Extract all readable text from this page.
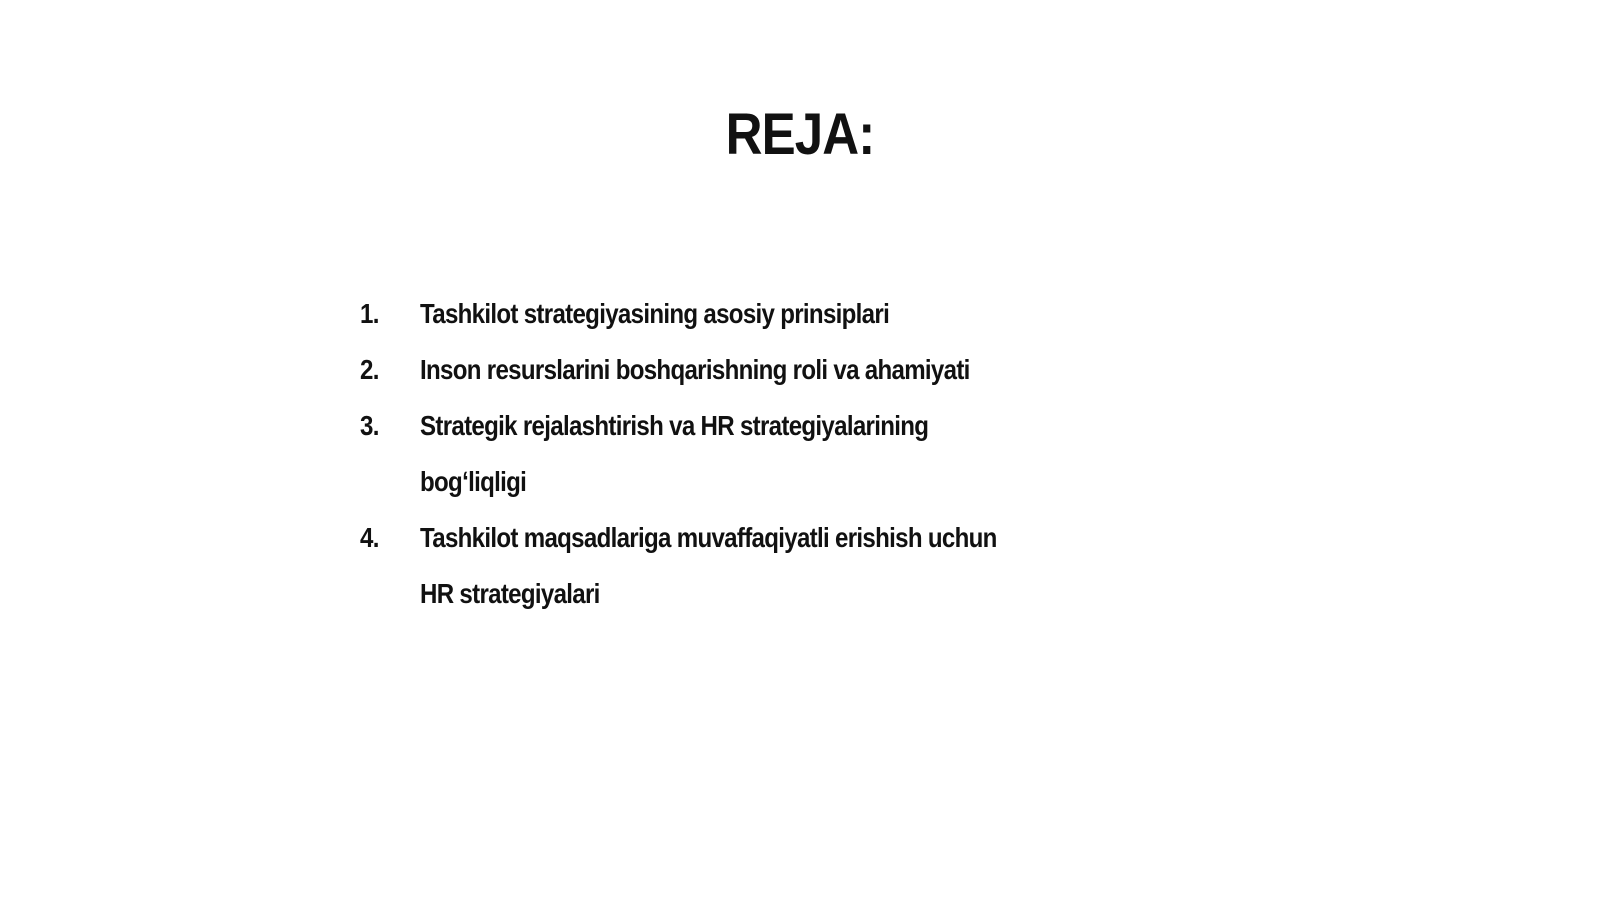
REJA:
1.	Tashkilot strategiyasining asosiy prinsiplari
2.	Inson resurslarini boshqarishning roli va ahamiyati
3.	Strategik rejalashtirish va HR strategiyalarining bogʻliqligi
4.	Tashkilot maqsadlariga muvaffaqiyatli erishish uchun HR strategiyalari
